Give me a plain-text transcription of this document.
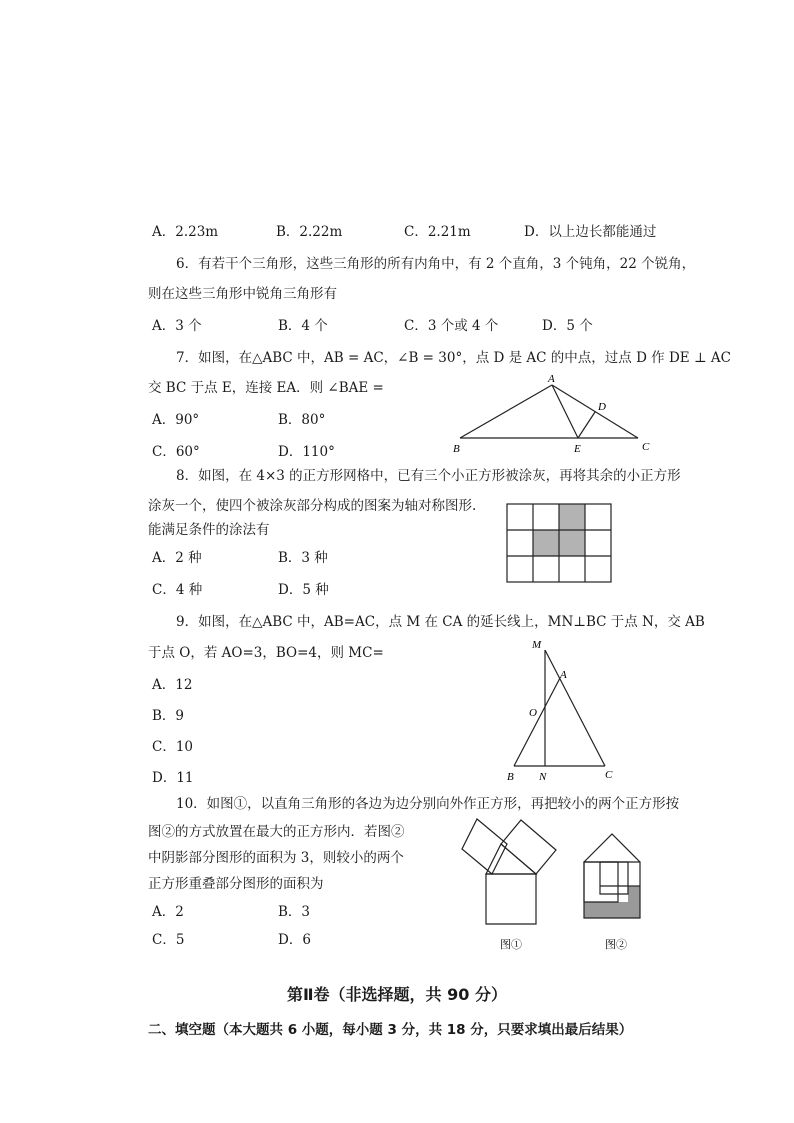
A．2.23m	B．2.22m	C．2.21m	D．以上边长都能通过
6．有若干个三角形，这些三角形的所有内角中，有 2 个直角，3 个钝角，22 个锐角，
则在这些三角形中锐角三角形有
A．3 个	B．4 个	C．3 个或 4 个	D．5 个
7．如图，在△ABC 中，AB = AC，∠B = 30°，点 D 是 AC 的中点，过点 D 作 DE ⊥ AC
交 BC 于点 E，连接 EA．则 ∠BAE =
A．90°	B．80°
C．60°	D．110°
A
B	C
D
E
8．如图，在 4×3 的正方形网格中，已有三个小正方形被涂灰，再将其余的小正方形
涂灰一个，使四个被涂灰部分构成的图案为轴对称图形.
能满足条件的涂法有
A．2 种	B．3 种
C．4 种	D．5 种
9．如图，在△ABC 中，AB=AC，点 M 在 CA 的延长线上，MN⊥BC 于点 N，交 AB
于点 O，若 AO=3，BO=4，则 MC=
A．12
B．9
C．10
D．11
M
A
O
B N	C
10．如图①，以直角三角形的各边为边分别向外作正方形，再把较小的两个正方形按
图②的方式放置在最大的正方形内．若图②
中阴影部分图形的面积为 3，则较小的两个
正方形重叠部分图形的面积为
A．2	B．3
C．5	D．6	图①	图②
第Ⅱ卷（非选择题，共 90 分）
二、填空题（本大题共 6 小题，每小题 3 分，共 18 分，只要求填出最后结果）
